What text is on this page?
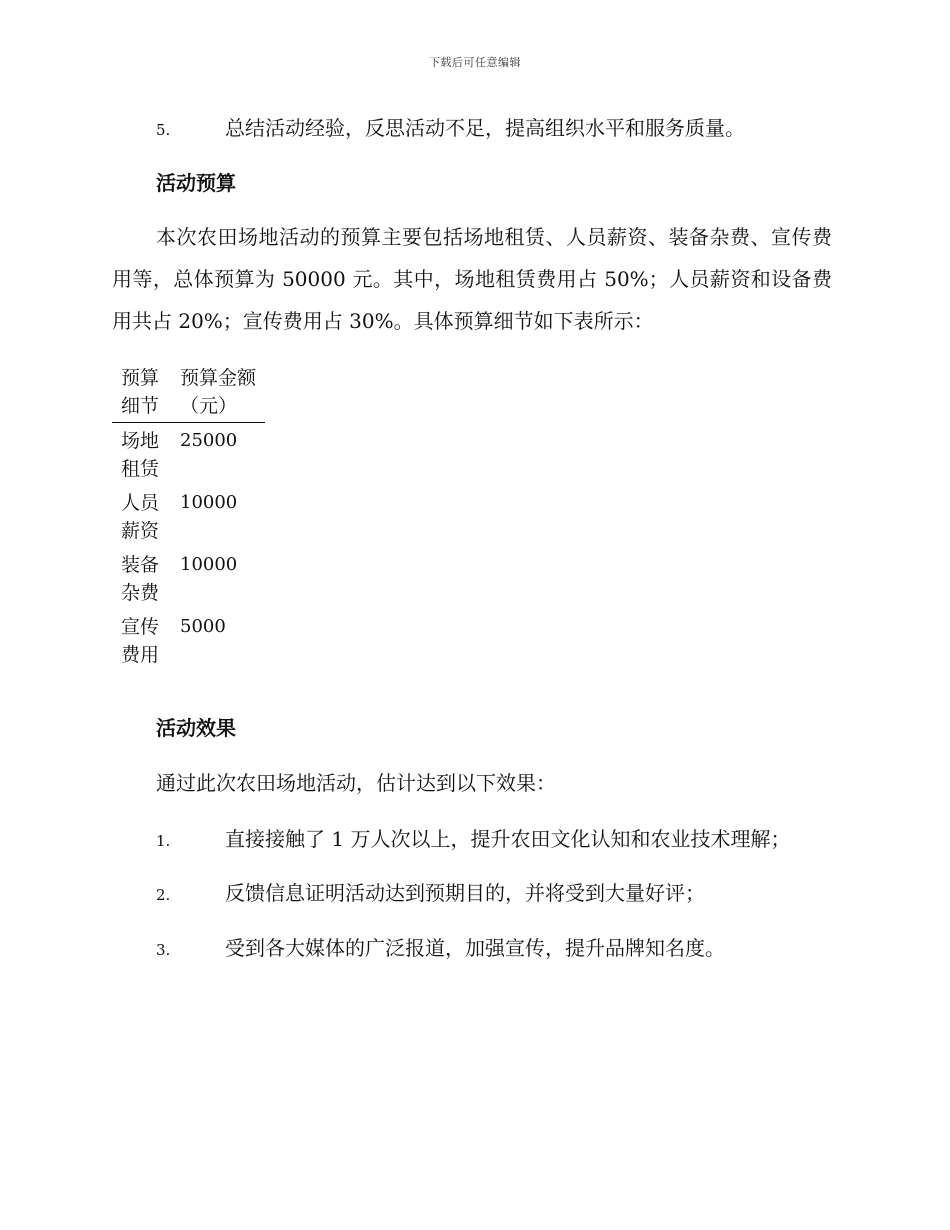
下载后可任意编辑
5.	总结活动经验，反思活动不足，提高组织水平和服务质量。
活动预算
本次农田场地活动的预算主要包括场地租赁、人员薪资、装备杂费、宣传费用等，总体预算为 50000 元。其中，场地租赁费用占 50%；人员薪资和设备费用共占 20%；宣传费用占 30%。具体预算细节如下表所示：
预算细节	预算金额（元）

场地租赁	25000

人员薪资	10000

装备杂费	10000

宣传费用	5000
活动效果
通过此次农田场地活动，估计达到以下效果：
1.	直接接触了 1 万人次以上，提升农田文化认知和农业技术理解；
2.	反馈信息证明活动达到预期目的，并将受到大量好评；
3.	受到各大媒体的广泛报道，加强宣传，提升品牌知名度。
